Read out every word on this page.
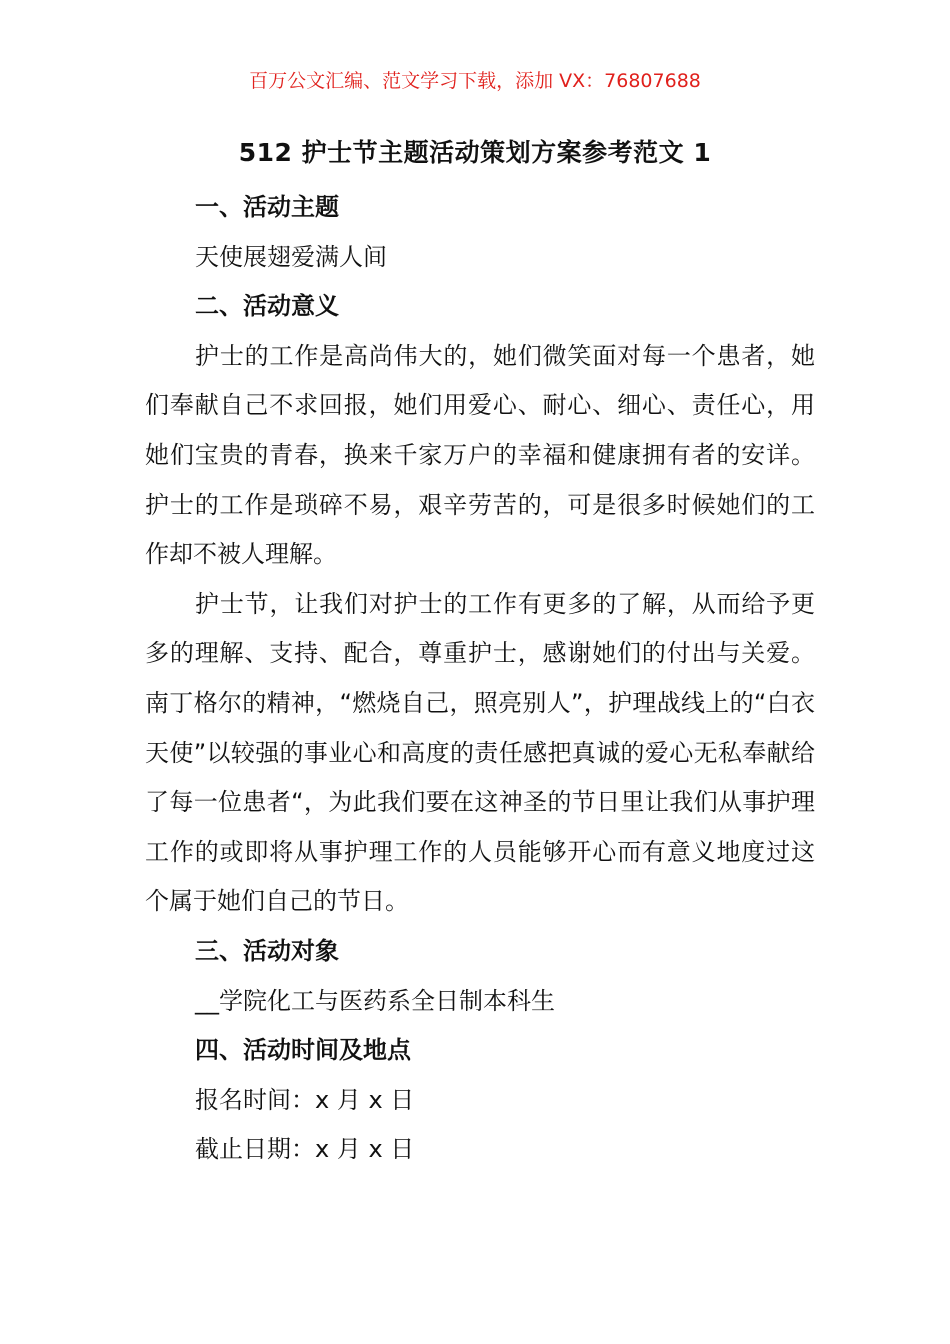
百万公文汇编、范文学习下载，添加 VX：76807688
512 护士节主题活动策划方案参考范文 1

一、活动主题

天使展翅爱满人间

二、活动意义

护士的工作是高尚伟大的，她们微笑面对每一个患者，她们奉献自己不求回报，她们用爱心、耐心、细心、责任心，用她们宝贵的青春，换来千家万户的幸福和健康拥有者的安详。护士的工作是琐碎不易，艰辛劳苦的，可是很多时候她们的工作却不被人理解。

护士节，让我们对护士的工作有更多的了解，从而给予更多的理解、支持、配合，尊重护士，感谢她们的付出与关爱。南丁格尔的精神，“燃烧自己，照亮别人”，护理战线上的“白衣天使”以较强的事业心和高度的责任感把真诚的爱心无私奉献给了每一位患者“，为此我们要在这神圣的节日里让我们从事护理工作的或即将从事护理工作的人员能够开心而有意义地度过这个属于她们自己的节日。

三、活动对象

__学院化工与医药系全日制本科生

四、活动时间及地点

报名时间：x 月 x 日

截止日期：x 月 x 日
